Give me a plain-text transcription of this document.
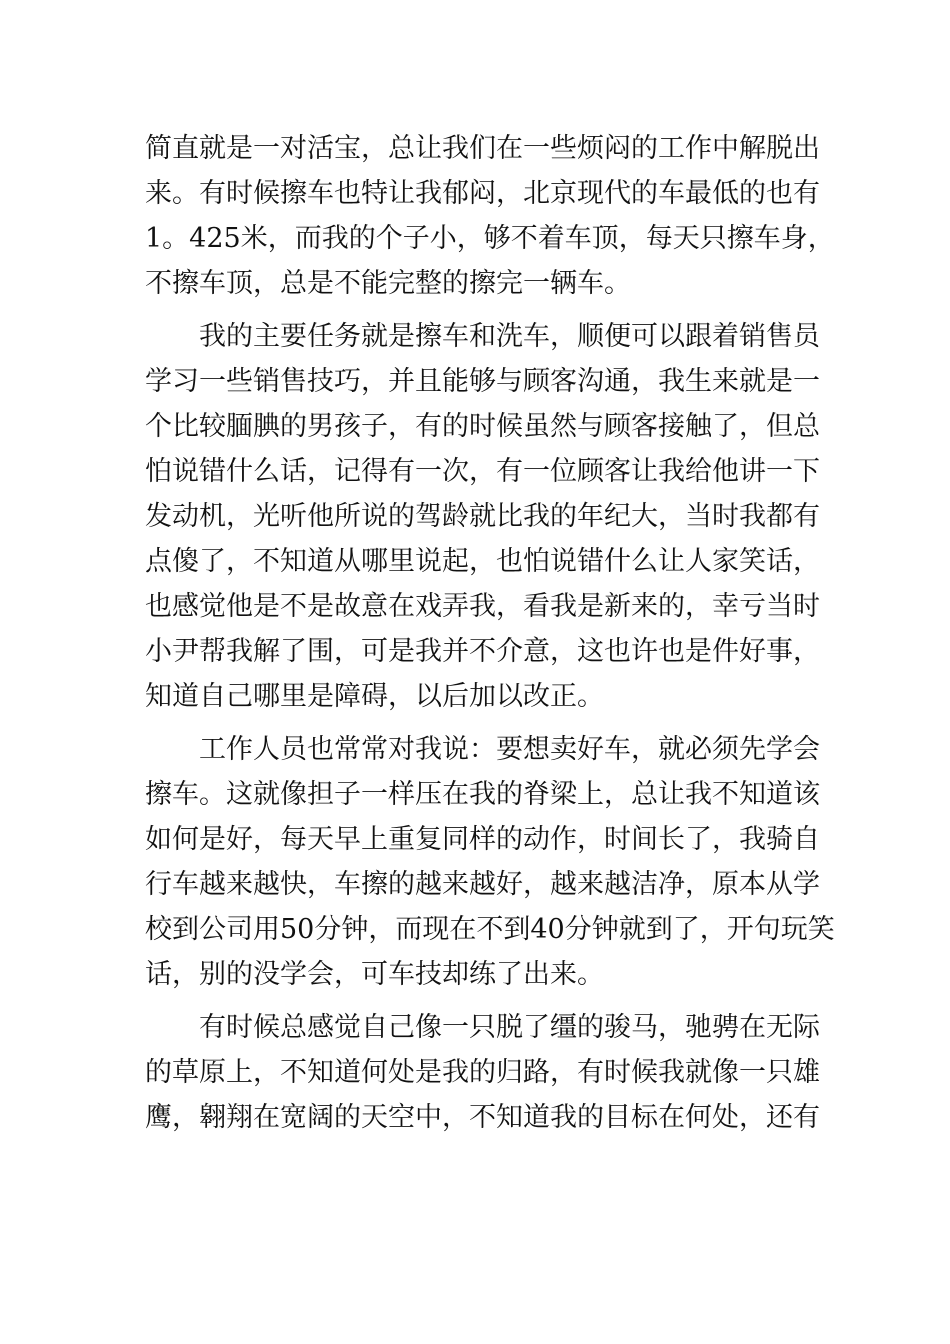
简直就是一对活宝，总让我们在一些烦闷的工作中解脱出
来。有时候擦车也特让我郁闷，北京现代的车最低的也有
1。425米，而我的个子小，够不着车顶，每天只擦车身，
不擦车顶，总是不能完整的擦完一辆车。
我的主要任务就是擦车和洗车，顺便可以跟着销售员
学习一些销售技巧，并且能够与顾客沟通，我生来就是一
个比较腼腆的男孩子，有的时候虽然与顾客接触了，但总
怕说错什么话，记得有一次，有一位顾客让我给他讲一下
发动机，光听他所说的驾龄就比我的年纪大，当时我都有
点傻了，不知道从哪里说起，也怕说错什么让人家笑话，
也感觉他是不是故意在戏弄我，看我是新来的，幸亏当时
小尹帮我解了围，可是我并不介意，这也许也是件好事，
知道自己哪里是障碍，以后加以改正。
工作人员也常常对我说：要想卖好车，就必须先学会
擦车。这就像担子一样压在我的脊梁上，总让我不知道该
如何是好，每天早上重复同样的动作，时间长了，我骑自
行车越来越快，车擦的越来越好，越来越洁净，原本从学
校到公司用50分钟，而现在不到40分钟就到了，开句玩笑
话，别的没学会，可车技却练了出来。
有时候总感觉自己像一只脱了缰的骏马，驰骋在无际
的草原上，不知道何处是我的归路，有时候我就像一只雄
鹰，翱翔在宽阔的天空中，不知道我的目标在何处，还有
